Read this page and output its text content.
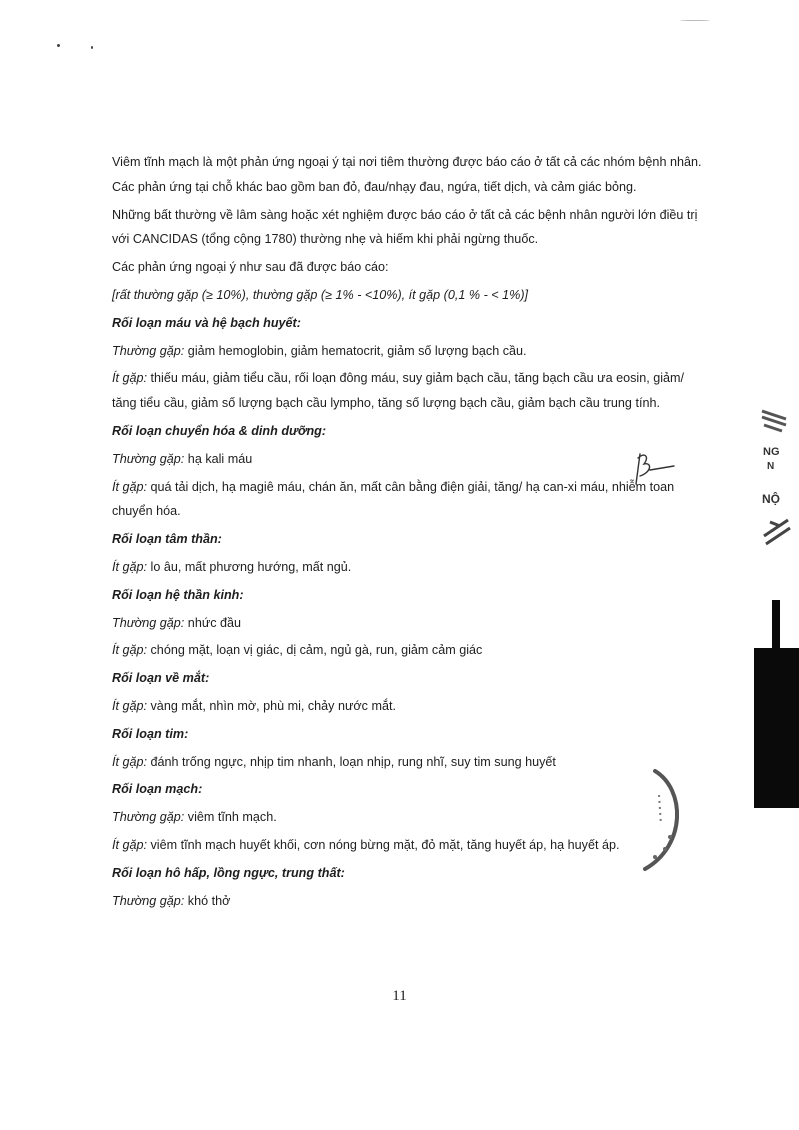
Viêm tĩnh mạch là một phản ứng ngoại ý tại nơi tiêm thường được báo cáo ở tất cả các nhóm bệnh nhân. Các phản ứng tại chỗ khác bao gồm ban đỏ, đau/nhạy đau, ngứa, tiết dịch, và cảm giác bỏng.

Những bất thường về lâm sàng hoặc xét nghiệm được báo cáo ở tất cả các bệnh nhân người lớn điều trị với CANCIDAS (tổng cộng 1780) thường nhẹ và hiếm khi phải ngừng thuốc.

Các phản ứng ngoại ý như sau đã được báo cáo:

[rất thường gặp (≥ 10%), thường gặp (≥ 1% - <10%), ít gặp (0,1 % - < 1%)]

Rối loạn máu và hệ bạch huyết:

Thường gặp: giảm hemoglobin, giảm hematocrit, giảm số lượng bạch cầu.

Ít gặp: thiếu máu, giảm tiểu cầu, rối loạn đông máu, suy giảm bạch cầu, tăng bạch cầu ưa eosin, giảm/ tăng tiểu cầu, giảm số lượng bạch cầu lympho, tăng số lượng bạch cầu, giảm bạch cầu trung tính.

Rối loạn chuyển hóa & dinh dưỡng:

Thường gặp: hạ kali máu

Ít gặp: quá tải dịch, hạ magiê máu, chán ăn, mất cân bằng điện giải, tăng/ hạ can-xi máu, nhiễm toan chuyển hóa.

Rối loạn tâm thần:

Ít gặp: lo âu, mất phương hướng, mất ngủ.

Rối loạn hệ thần kinh:

Thường gặp: nhức đầu

Ít gặp: chóng mặt, loạn vị giác, dị cảm, ngủ gà, run, giảm cảm giác

Rối loạn về mắt:

Ít gặp: vàng mắt, nhìn mờ, phù mi, chảy nước mắt.

Rối loạn tim:

Ít gặp: đánh trống ngực, nhịp tim nhanh, loạn nhịp, rung nhĩ, suy tim sung huyết

Rối loạn mạch:

Thường gặp: viêm tĩnh mạch.

Ít gặp: viêm tĩnh mạch huyết khối, cơn nóng bừng mặt, đỏ mặt, tăng huyết áp, hạ huyết áp.

Rối loạn hô hấp, lồng ngực, trung thất:

Thường gặp: khó thở

NG
N
NỘ
11
